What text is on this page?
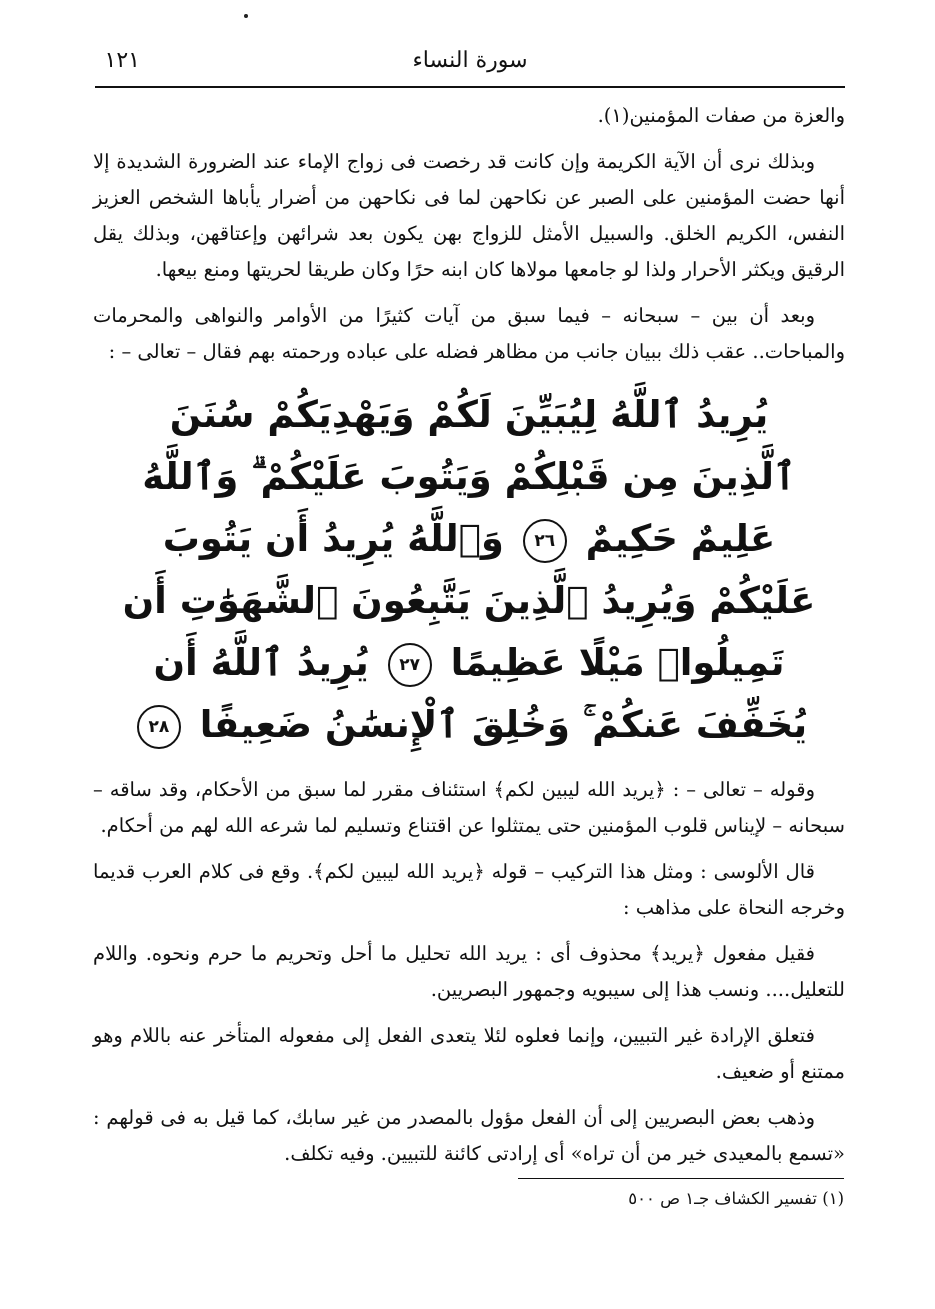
سورة النساء
١٢١

والعزة من صفات المؤمنين(١).

وبذلك نرى أن الآية الكريمة وإن كانت قد رخصت فى زواج الإماء عند الضرورة الشديدة إلا أنها حضت المؤمنين على الصبر عن نكاحهن لما فى نكاحهن من أضرار يأباها الشخص العزيز النفس، الكريم الخلق. والسبيل الأمثل للزواج بهن يكون بعد شرائهن وإعتاقهن، وبذلك يقل الرقيق ويكثر الأحرار ولذا لو جامعها مولاها كان ابنه حرًا وكان طريقا لحريتها ومنع بيعها.

وبعد أن بين – سبحانه – فيما سبق من آيات كثيرًا من الأوامر والنواهى والمحرمات والمباحات.. عقب ذلك ببيان جانب من مظاهر فضله على عباده ورحمته بهم فقال – تعالى – :

يُرِيدُ ٱللَّهُ لِيُبَيِّنَ لَكُمْ وَيَهْدِيَكُمْ سُنَنَ ٱلَّذِينَ مِن قَبْلِكُمْ وَيَتُوبَ عَلَيْكُمْ ۗ وَٱللَّهُ عَلِيمٌ حَكِيمٌ ٢٦ وَٱللَّهُ يُرِيدُ أَن يَتُوبَ عَلَيْكُمْ وَيُرِيدُ ٱلَّذِينَ يَتَّبِعُونَ ٱلشَّهَوَٰتِ أَن تَمِيلُوا۟ مَيْلًا عَظِيمًا ٢٧ يُرِيدُ ٱللَّهُ أَن يُخَفِّفَ عَنكُمْ ۚ وَخُلِقَ ٱلْإِنسَٰنُ ضَعِيفًا ٢٨

وقوله – تعالى – : ﴿يريد الله ليبين لكم﴾ استئناف مقرر لما سبق من الأحكام، وقد ساقه – سبحانه – لإيناس قلوب المؤمنين حتى يمتثلوا عن اقتناع وتسليم لما شرعه الله لهم من أحكام.

قال الألوسى : ومثل هذا التركيب – قوله ﴿يريد الله ليبين لكم﴾. وقع فى كلام العرب قديما وخرجه النحاة على مذاهب :

فقيل مفعول ﴿يريد﴾ محذوف أى : يريد الله تحليل ما أحل وتحريم ما حرم ونحوه. واللام للتعليل.... ونسب هذا إلى سيبويه وجمهور البصريين.

فتعلق الإرادة غير التبيين، وإنما فعلوه لئلا يتعدى الفعل إلى مفعوله المتأخر عنه باللام وهو ممتنع أو ضعيف.

وذهب بعض البصريين إلى أن الفعل مؤول بالمصدر من غير سابك، كما قيل به فى قولهم : «تسمع بالمعيدى خير من أن تراه» أى إرادتى كائنة للتبيين. وفيه تكلف.

(١) تفسير الكشاف جـ١ ص ٥٠٠
